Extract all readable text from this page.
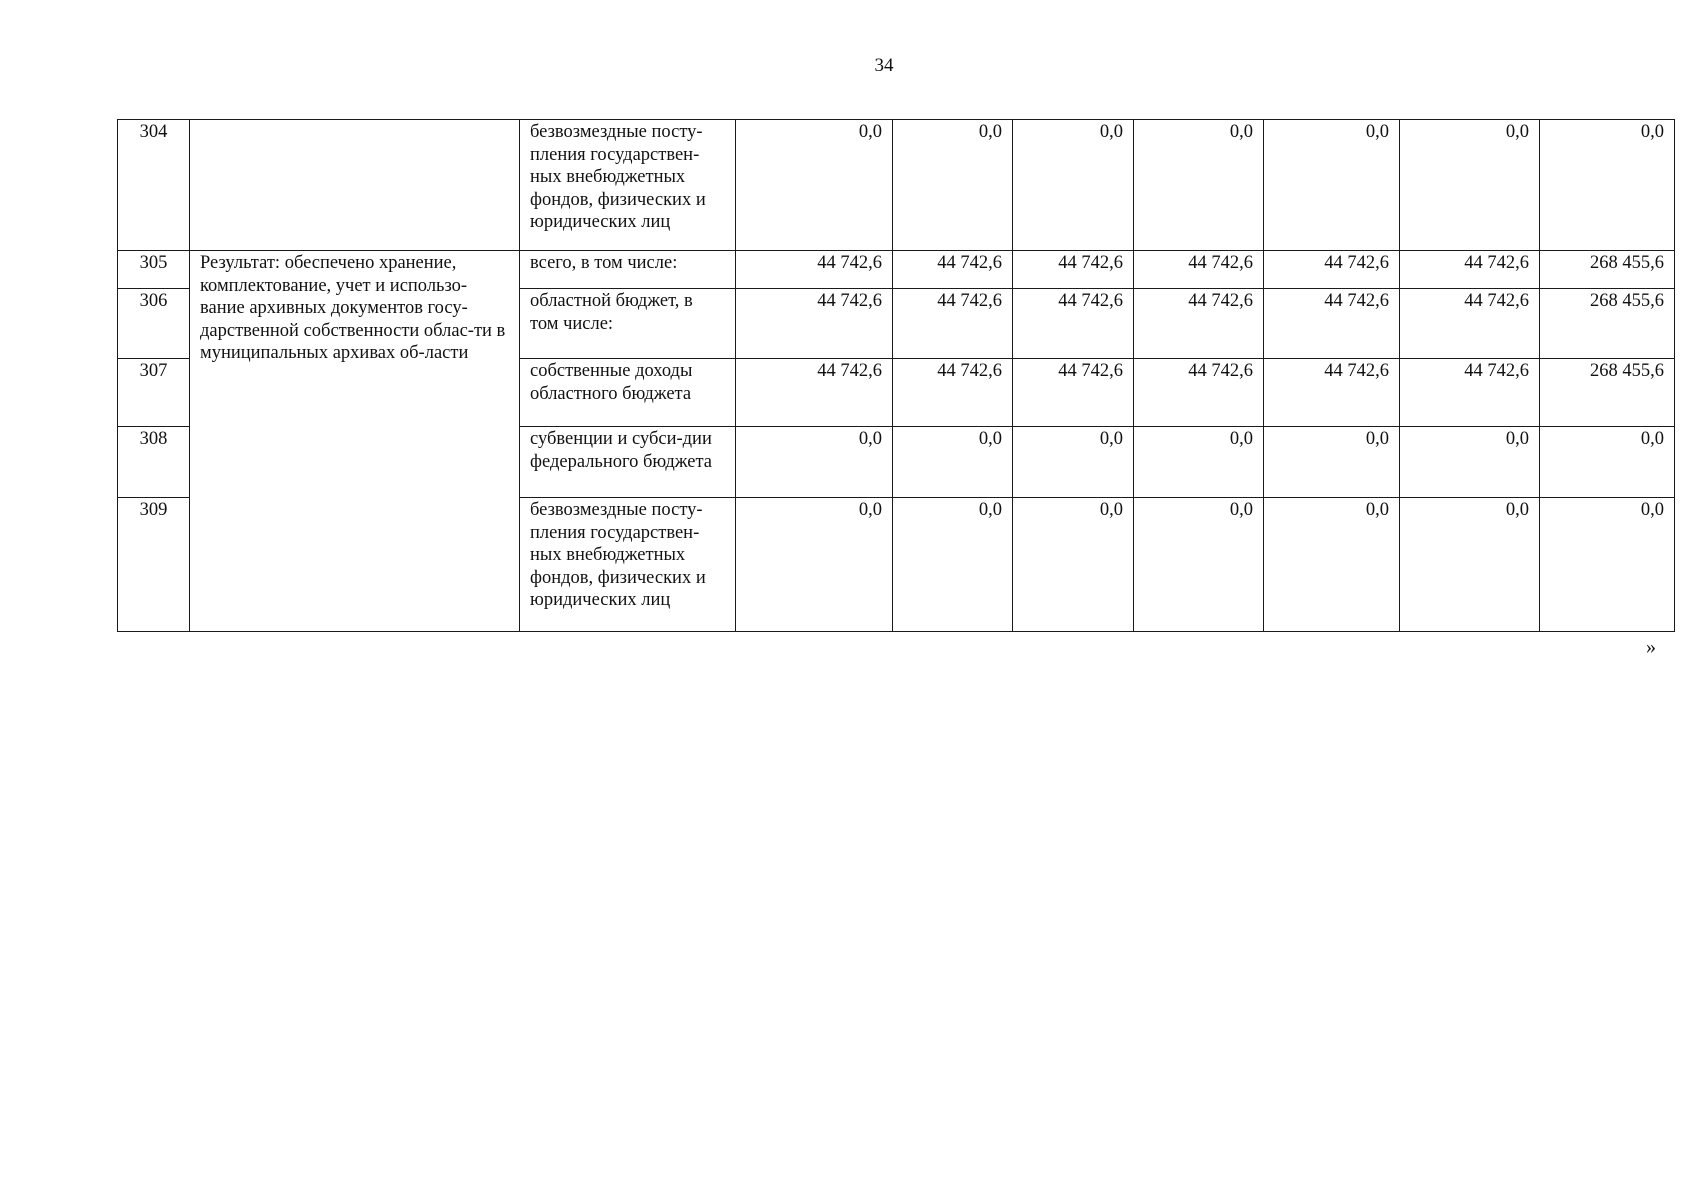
34
304		безвозмездные посту-пления государствен-ных внебюджетных фондов, физических и юридических лиц	0,0	0,0	0,0	0,0	0,0	0,0	0,0
305	Результат: обеспечено хранение, комплектование, учет и использо-вание архивных документов госу-дарственной собственности облас-ти в муниципальных архивах об-ласти	всего, в том числе:	44 742,6	44 742,6	44 742,6	44 742,6	44 742,6	44 742,6	268 455,6
306		областной бюджет, в том числе:	44 742,6	44 742,6	44 742,6	44 742,6	44 742,6	44 742,6	268 455,6
307		собственные доходы областного бюджета	44 742,6	44 742,6	44 742,6	44 742,6	44 742,6	44 742,6	268 455,6
308		субвенции и субси-дии федерального бюджета	0,0	0,0	0,0	0,0	0,0	0,0	0,0
309		безвозмездные посту-пления государствен-ных внебюджетных фондов, физических и юридических лиц	0,0	0,0	0,0	0,0	0,0	0,0	0,0
»
